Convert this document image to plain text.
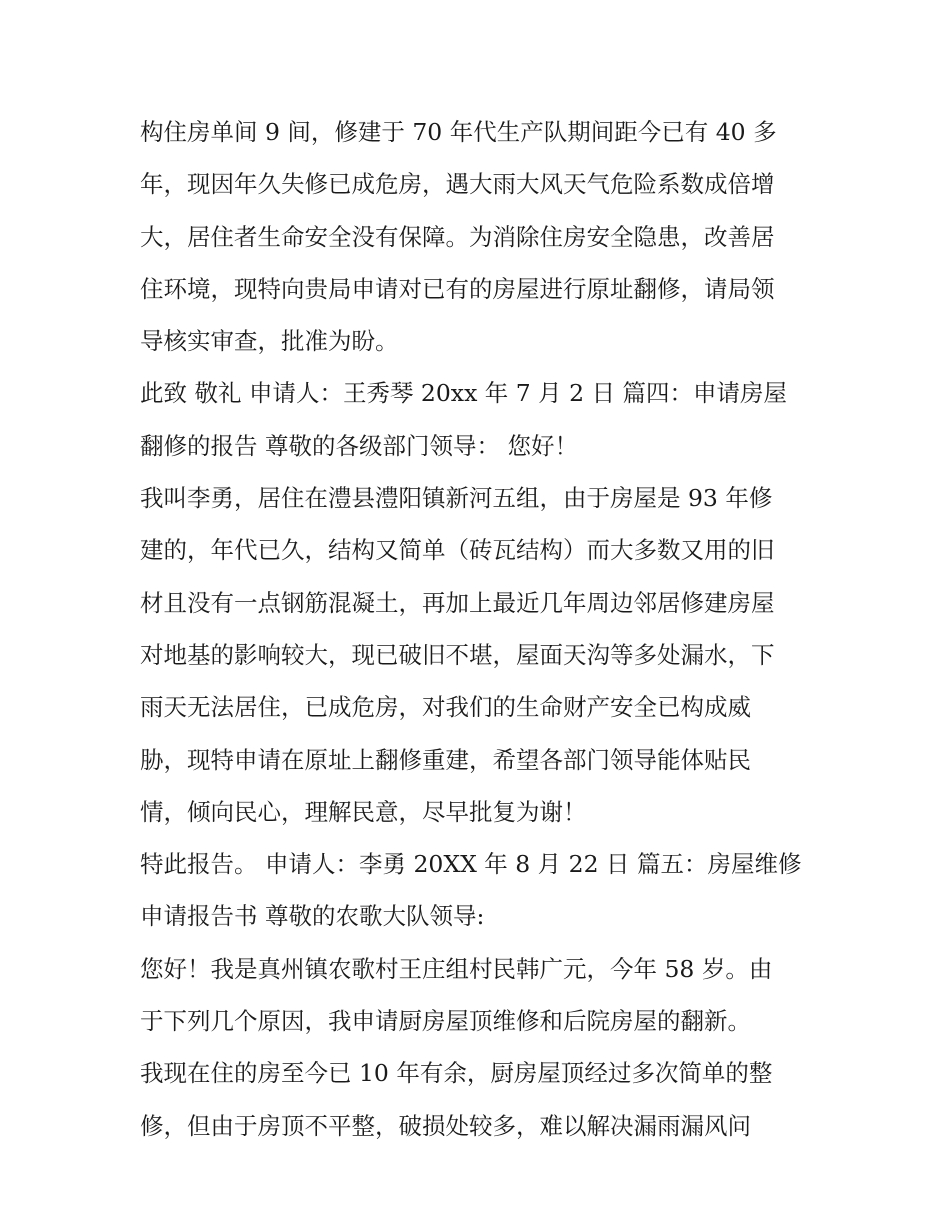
构住房单间 9 间，修建于 70 年代生产队期间距今已有 40 多
年，现因年久失修已成危房，遇大雨大风天气危险系数成倍增
大，居住者生命安全没有保障。为消除住房安全隐患，改善居
住环境，现特向贵局申请对已有的房屋进行原址翻修，请局领
导核实审查，批准为盼。
此致 敬礼 申请人：王秀琴 20xx 年 7 月 2 日 篇四：申请房屋
翻修的报告 尊敬的各级部门领导： 您好！
我叫李勇，居住在澧县澧阳镇新河五组，由于房屋是 93 年修
建的，年代已久，结构又简单（砖瓦结构）而大多数又用的旧
材且没有一点钢筋混凝土，再加上最近几年周边邻居修建房屋
对地基的影响较大，现已破旧不堪，屋面天沟等多处漏水，下
雨天无法居住，已成危房，对我们的生命财产安全已构成威
胁，现特申请在原址上翻修重建，希望各部门领导能体贴民
情，倾向民心，理解民意，尽早批复为谢！
特此报告。 申请人：李勇 20XX 年 8 月 22 日 篇五：房屋维修
申请报告书 尊敬的农歌大队领导:
您好！我是真州镇农歌村王庄组村民韩广元，今年 58 岁。由
于下列几个原因，我申请厨房屋顶维修和后院房屋的翻新。
我现在住的房至今已 10 年有余，厨房屋顶经过多次简单的整
修，但由于房顶不平整，破损处较多，难以解决漏雨漏风问
